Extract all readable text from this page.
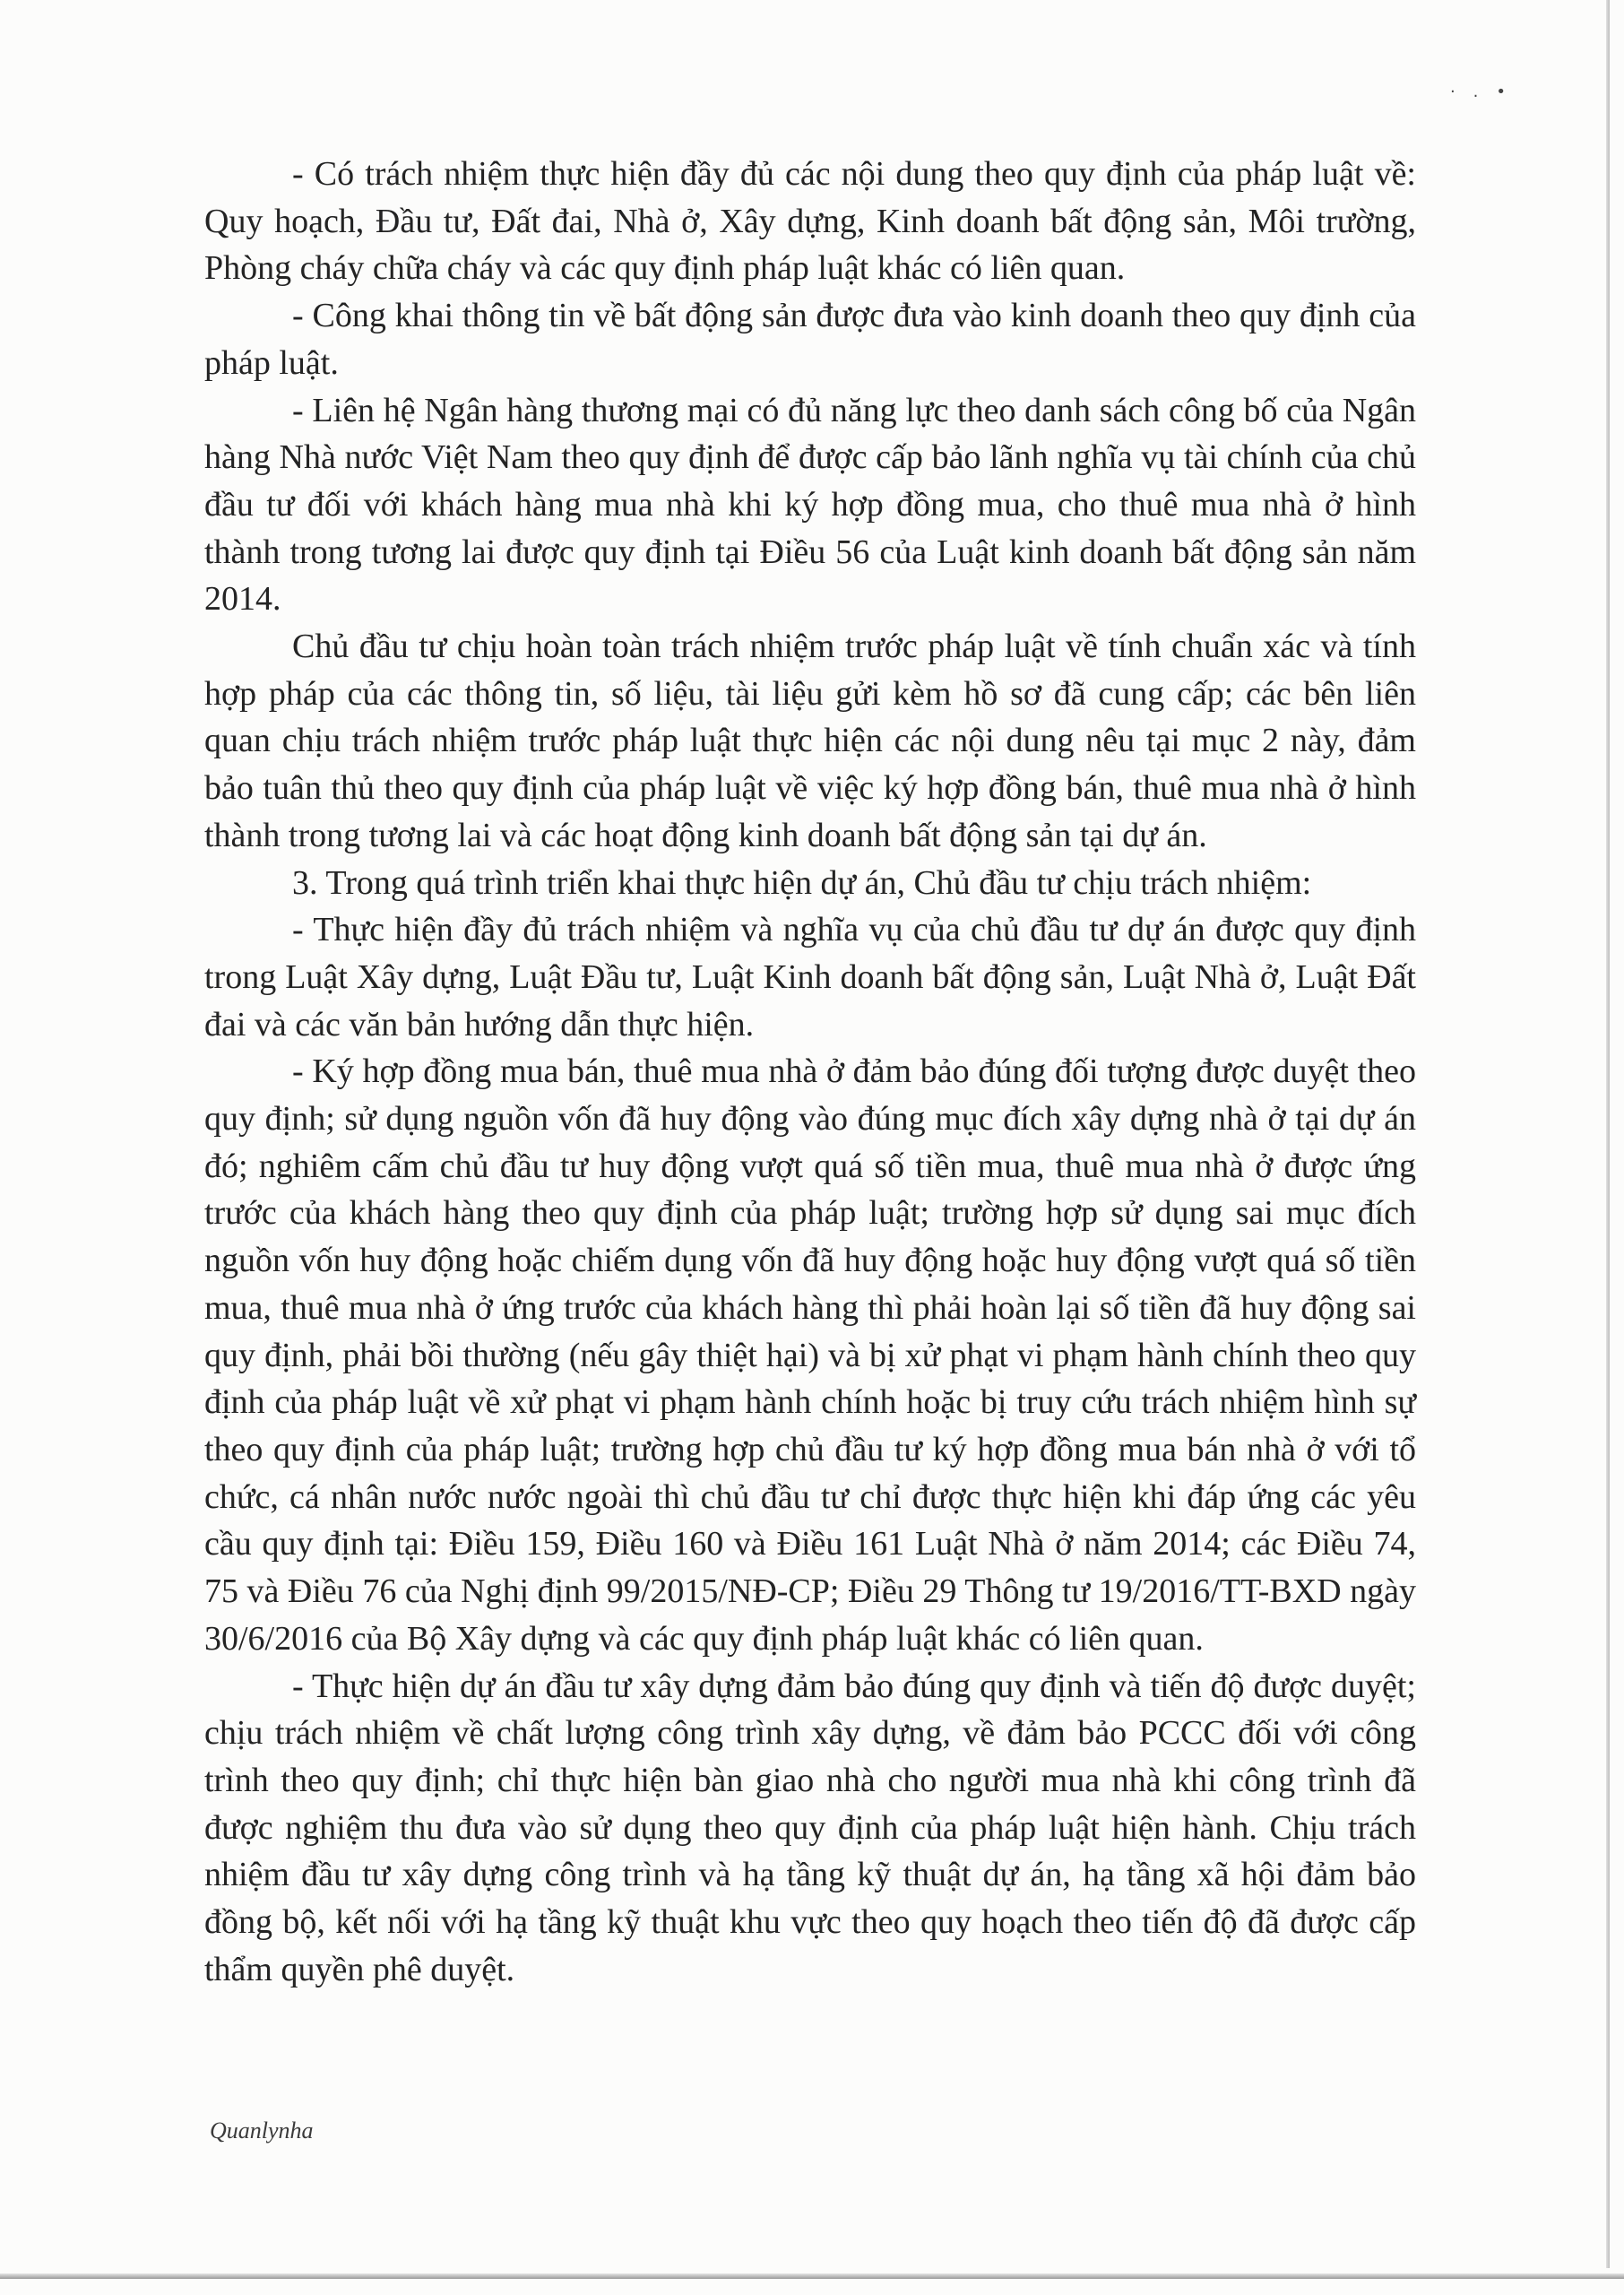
·.•

- Có trách nhiệm thực hiện đầy đủ các nội dung theo quy định của pháp luật về: Quy hoạch, Đầu tư, Đất đai, Nhà ở, Xây dựng, Kinh doanh bất động sản, Môi trường, Phòng cháy chữa cháy và các quy định pháp luật khác có liên quan.

- Công khai thông tin về bất động sản được đưa vào kinh doanh theo quy định của pháp luật.

- Liên hệ Ngân hàng thương mại có đủ năng lực theo danh sách công bố của Ngân hàng Nhà nước Việt Nam theo quy định để được cấp bảo lãnh nghĩa vụ tài chính của chủ đầu tư đối với khách hàng mua nhà khi ký hợp đồng mua, cho thuê mua nhà ở hình thành trong tương lai được quy định tại Điều 56 của Luật kinh doanh bất động sản năm 2014.

Chủ đầu tư chịu hoàn toàn trách nhiệm trước pháp luật về tính chuẩn xác và tính hợp pháp của các thông tin, số liệu, tài liệu gửi kèm hồ sơ đã cung cấp; các bên liên quan chịu trách nhiệm trước pháp luật thực hiện các nội dung nêu tại mục 2 này, đảm bảo tuân thủ theo quy định của pháp luật về việc ký hợp đồng bán, thuê mua nhà ở hình thành trong tương lai và các hoạt động kinh doanh bất động sản tại dự án.

3. Trong quá trình triển khai thực hiện dự án, Chủ đầu tư chịu trách nhiệm:

- Thực hiện đầy đủ trách nhiệm và nghĩa vụ của chủ đầu tư dự án được quy định trong Luật Xây dựng, Luật Đầu tư, Luật Kinh doanh bất động sản, Luật Nhà ở, Luật Đất đai và các văn bản hướng dẫn thực hiện.

- Ký hợp đồng mua bán, thuê mua nhà ở đảm bảo đúng đối tượng được duyệt theo quy định; sử dụng nguồn vốn đã huy động vào đúng mục đích xây dựng nhà ở tại dự án đó; nghiêm cấm chủ đầu tư huy động vượt quá số tiền mua, thuê mua nhà ở được ứng trước của khách hàng theo quy định của pháp luật; trường hợp sử dụng sai mục đích nguồn vốn huy động hoặc chiếm dụng vốn đã huy động hoặc huy động vượt quá số tiền mua, thuê mua nhà ở ứng trước của khách hàng thì phải hoàn lại số tiền đã huy động sai quy định, phải bồi thường (nếu gây thiệt hại) và bị xử phạt vi phạm hành chính theo quy định của pháp luật về xử phạt vi phạm hành chính hoặc bị truy cứu trách nhiệm hình sự theo quy định của pháp luật; trường hợp chủ đầu tư ký hợp đồng mua bán nhà ở với tổ chức, cá nhân nước nước ngoài thì chủ đầu tư chỉ được thực hiện khi đáp ứng các yêu cầu quy định tại: Điều 159, Điều 160 và Điều 161 Luật Nhà ở năm 2014; các Điều 74, 75 và Điều 76 của Nghị định 99/2015/NĐ-CP; Điều 29 Thông tư 19/2016/TT-BXD ngày 30/6/2016 của Bộ Xây dựng và các quy định pháp luật khác có liên quan.

- Thực hiện dự án đầu tư xây dựng đảm bảo đúng quy định và tiến độ được duyệt; chịu trách nhiệm về chất lượng công trình xây dựng, về đảm bảo PCCC đối với công trình theo quy định; chỉ thực hiện bàn giao nhà cho người mua nhà khi công trình đã được nghiệm thu đưa vào sử dụng theo quy định của pháp luật hiện hành. Chịu trách nhiệm đầu tư xây dựng công trình và hạ tầng kỹ thuật dự án, hạ tầng xã hội đảm bảo đồng bộ, kết nối với hạ tầng kỹ thuật khu vực theo quy hoạch theo tiến độ đã được cấp thẩm quyền phê duyệt.

Quanlynha
